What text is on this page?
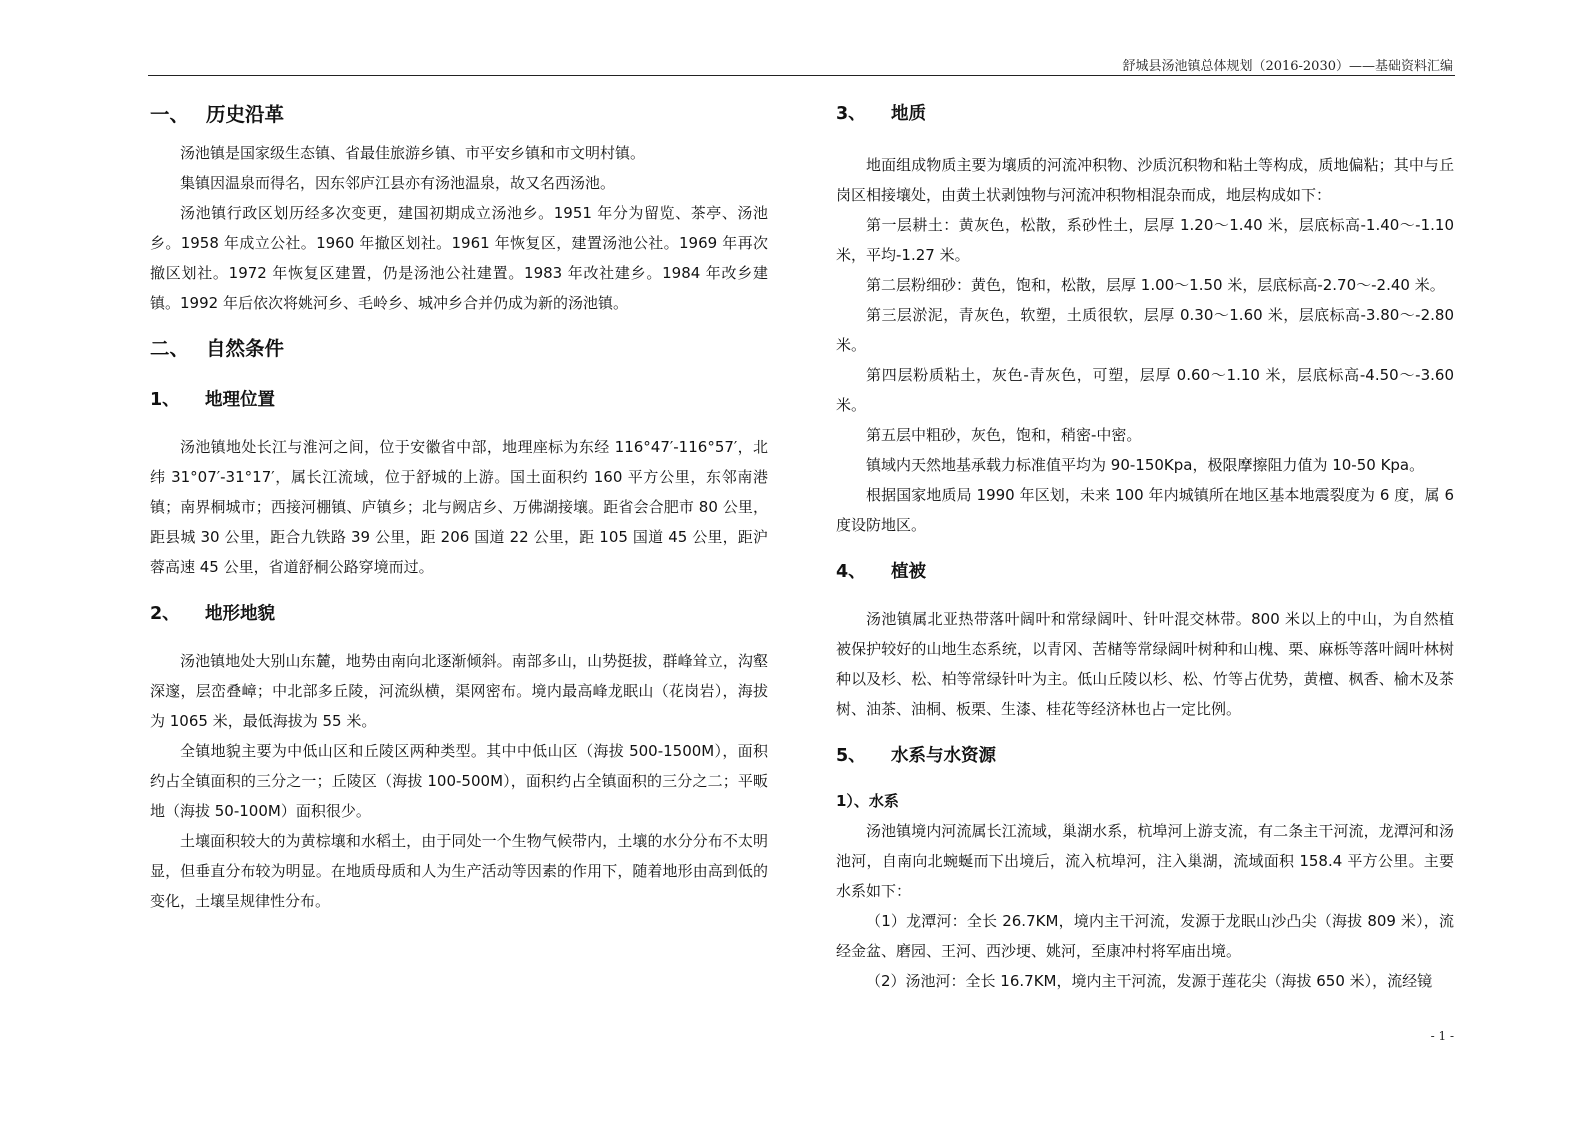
舒城县汤池镇总体规划（2016-2030）——基础资料汇编
一、 历史沿革

汤池镇是国家级生态镇、省最佳旅游乡镇、市平安乡镇和市文明村镇。

集镇因温泉而得名，因东邻庐江县亦有汤池温泉，故又名西汤池。

汤池镇行政区划历经多次变更，建国初期成立汤池乡。1951 年分为留览、茶亭、汤池乡。1958 年成立公社。1960 年撤区划社。1961 年恢复区，建置汤池公社。1969 年再次撤区划社。1972 年恢复区建置，仍是汤池公社建置。1983 年改社建乡。1984 年改乡建镇。1992 年后依次将姚河乡、毛岭乡、城冲乡合并仍成为新的汤池镇。

二、 自然条件
1、	地理位置

汤池镇地处长江与淮河之间，位于安徽省中部，地理座标为东经 116°47′-116°57′，北纬 31°07′-31°17′，属长江流域，位于舒城的上游。国土面积约 160 平方公里，东邻南港镇；南界桐城市；西接河棚镇、庐镇乡；北与阙店乡、万佛湖接壤。距省会合肥市 80 公里，距县城 30 公里，距合九铁路 39 公里，距 206 国道 22 公里，距 105 国道 45 公里，距沪蓉高速 45 公里，省道舒桐公路穿境而过。

2、	地形地貌

汤池镇地处大别山东麓，地势由南向北逐渐倾斜。南部多山，山势挺拔，群峰耸立，沟壑深邃，层峦叠嶂；中北部多丘陵，河流纵横，渠网密布。境内最高峰龙眠山（花岗岩），海拔为 1065 米，最低海拔为 55 米。

全镇地貌主要为中低山区和丘陵区两种类型。其中中低山区（海拔 500-1500M），面积约占全镇面积的三分之一；丘陵区（海拔 100-500M），面积约占全镇面积的三分之二；平畈地（海拔 50-100M）面积很少。

土壤面积较大的为黄棕壤和水稻土，由于同处一个生物气候带内，土壤的水分分布不太明显，但垂直分布较为明显。在地质母质和人为生产活动等因素的作用下，随着地形由高到低的变化，土壤呈规律性分布。

3、	地质

地面组成物质主要为壤质的河流冲积物、沙质沉积物和粘土等构成，质地偏粘；其中与丘岗区相接壤处，由黄土状剥蚀物与河流冲积物相混杂而成，地层构成如下：

第一层耕土：黄灰色，松散，系砂性土，层厚 1.20～1.40 米，层底标高-1.40～-1.10 米，平均-1.27 米。

第二层粉细砂：黄色，饱和，松散，层厚 1.00～1.50 米，层底标高-2.70～-2.40 米。

第三层淤泥，青灰色，软塑，土质很软，层厚 0.30～1.60 米，层底标高-3.80～-2.80 米。

第四层粉质粘土，灰色-青灰色，可塑，层厚 0.60～1.10 米，层底标高-4.50～-3.60 米。

第五层中粗砂，灰色，饱和，稍密-中密。

镇域内天然地基承载力标准值平均为 90-150Kpa，极限摩擦阻力值为 10-50 Kpa。

根据国家地质局 1990 年区划，未来 100 年内城镇所在地区基本地震裂度为 6 度，属 6 度设防地区。

4、	植被

汤池镇属北亚热带落叶阔叶和常绿阔叶、针叶混交林带。800 米以上的中山，为自然植被保护较好的山地生态系统，以青冈、苦槠等常绿阔叶树种和山槐、栗、麻栎等落叶阔叶林树种以及杉、松、柏等常绿针叶为主。低山丘陵以杉、松、竹等占优势，黄檀、枫香、榆木及茶树、油茶、油桐、板栗、生漆、桂花等经济林也占一定比例。

5、	水系与水资源
1）、水系

汤池镇境内河流属长江流域，巢湖水系，杭埠河上游支流，有二条主干河流，龙潭河和汤池河，自南向北蜿蜒而下出境后，流入杭埠河，注入巢湖，流域面积 158.4 平方公里。主要水系如下：

（1）龙潭河：全长 26.7KM，境内主干河流，发源于龙眠山沙凸尖（海拔 809 米），流经金盆、磨园、王河、西沙埂、姚河，至康冲村将军庙出境。

（2）汤池河：全长 16.7KM，境内主干河流，发源于莲花尖（海拔 650 米），流经镜

- 1 -
